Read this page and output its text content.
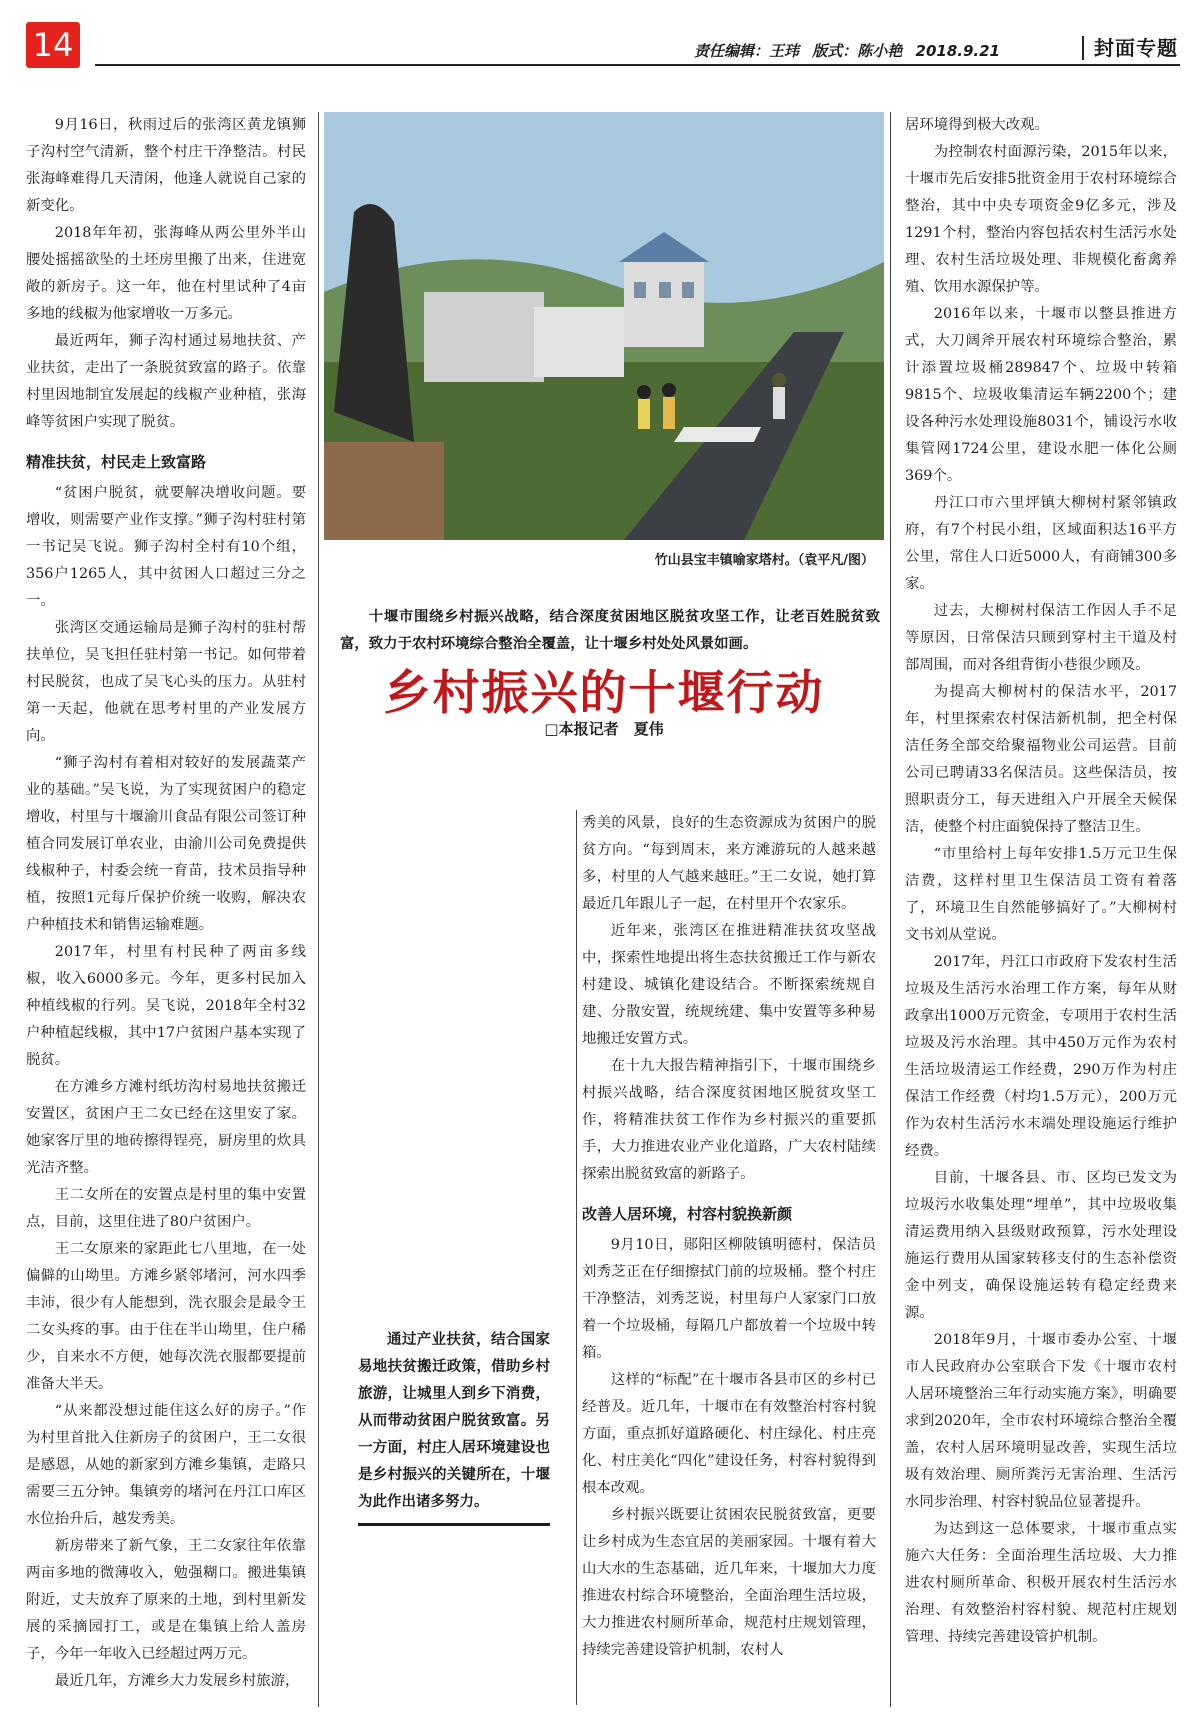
14	责任编辑：王玮 版式：陈小艳 2018.9.21	封面专题

9月16日，秋雨过后的张湾区黄龙镇狮子沟村空气清新，整个村庄干净整洁。村民张海峰难得几天清闲，他逢人就说自己家的新变化。

2018年年初，张海峰从两公里外半山腰处摇摇欲坠的土坯房里搬了出来，住进宽敞的新房子。这一年，他在村里试种了4亩多地的线椒为他家增收一万多元。

最近两年，狮子沟村通过易地扶贫、产业扶贫，走出了一条脱贫致富的路子。依靠村里因地制宜发展起的线椒产业种植，张海峰等贫困户实现了脱贫。

精准扶贫，村民走上致富路

“贫困户脱贫，就要解决增收问题。要增收，则需要产业作支撑。”狮子沟村驻村第一书记吴飞说。狮子沟村全村有10个组，356户1265人，其中贫困人口超过三分之一。

张湾区交通运输局是狮子沟村的驻村帮扶单位，吴飞担任驻村第一书记。如何带着村民脱贫，也成了吴飞心头的压力。从驻村第一天起，他就在思考村里的产业发展方向。

“狮子沟村有着相对较好的发展蔬菜产业的基础。”吴飞说，为了实现贫困户的稳定增收，村里与十堰渝川食品有限公司签订种植合同发展订单农业，由渝川公司免费提供线椒种子，村委会统一育苗，技术员指导种植，按照1元每斤保护价统一收购，解决农户种植技术和销售运输难题。

2017年，村里有村民种了两亩多线椒，收入6000多元。今年，更多村民加入种植线椒的行列。吴飞说，2018年全村32户种植起线椒，其中17户贫困户基本实现了脱贫。

在方滩乡方滩村纸坊沟村易地扶贫搬迁安置区，贫困户王二女已经在这里安了家。她家客厅里的地砖擦得锃亮，厨房里的炊具光洁齐整。

王二女所在的安置点是村里的集中安置点，目前，这里住进了80户贫困户。

王二女原来的家距此七八里地，在一处偏僻的山坳里。方滩乡紧邻堵河，河水四季丰沛，很少有人能想到，洗衣服会是最令王二女头疼的事。由于住在半山坳里，住户稀少，自来水不方便，她每次洗衣服都要提前准备大半天。

“从来都没想过能住这么好的房子。”作为村里首批入住新房子的贫困户，王二女很是感恩，从她的新家到方滩乡集镇，走路只需要三五分钟。集镇旁的堵河在丹江口库区水位抬升后，越发秀美。

新房带来了新气象，王二女家往年依靠两亩多地的微薄收入，勉强糊口。搬进集镇附近，丈夫放弃了原来的土地，到村里新发展的采摘园打工，或是在集镇上给人盖房子，今年一年收入已经超过两万元。

最近几年，方滩乡大力发展乡村旅游，

竹山县宝丰镇喻家塔村。（袁平凡/图）
十堰市围绕乡村振兴战略，结合深度贫困地区脱贫攻坚工作，让老百姓脱贫致富，致力于农村环境综合整治全覆盖，让十堰乡村处处风景如画。
乡村振兴的十堰行动
□本报记者　夏伟
通过产业扶贫，结合国家易地扶贫搬迁政策，借助乡村旅游，让城里人到乡下消费，从而带动贫困户脱贫致富。另一方面，村庄人居环境建设也是乡村振兴的关键所在，十堰为此作出诸多努力。

秀美的风景，良好的生态资源成为贫困户的脱贫方向。“每到周末，来方滩游玩的人越来越多，村里的人气越来越旺。”王二女说，她打算最近几年跟儿子一起，在村里开个农家乐。

近年来，张湾区在推进精准扶贫攻坚战中，探索性地提出将生态扶贫搬迁工作与新农村建设、城镇化建设结合。不断探索统规自建、分散安置，统规统建、集中安置等多种易地搬迁安置方式。

在十九大报告精神指引下，十堰市围绕乡村振兴战略，结合深度贫困地区脱贫攻坚工作，将精准扶贫工作作为乡村振兴的重要抓手，大力推进农业产业化道路，广大农村陆续探索出脱贫致富的新路子。

改善人居环境，村容村貌换新颜

9月10日，郧阳区柳陂镇明德村，保洁员刘秀芝正在仔细擦拭门前的垃圾桶。整个村庄干净整洁，刘秀芝说，村里每户人家家门口放着一个垃圾桶，每隔几户都放着一个垃圾中转箱。

这样的“标配”在十堰市各县市区的乡村已经普及。近几年，十堰市在有效整治村容村貌方面，重点抓好道路硬化、村庄绿化、村庄亮化、村庄美化“四化”建设任务，村容村貌得到根本改观。

乡村振兴既要让贫困农民脱贫致富，更要让乡村成为生态宜居的美丽家园。十堰有着大山大水的生态基础，近几年来，十堰加大力度推进农村综合环境整治，全面治理生活垃圾，大力推进农村厕所革命，规范村庄规划管理，持续完善建设管护机制，农村人

居环境得到极大改观。

为控制农村面源污染，2015年以来，十堰市先后安排5批资金用于农村环境综合整治，其中中央专项资金9亿多元，涉及1291个村，整治内容包括农村生活污水处理、农村生活垃圾处理、非规模化畜禽养殖、饮用水源保护等。

2016年以来，十堰市以整县推进方式，大刀阔斧开展农村环境综合整治，累计添置垃圾桶289847个、垃圾中转箱9815个、垃圾收集清运车辆2200个；建设各种污水处理设施8031个，铺设污水收集管网1724公里，建设水肥一体化公厕369个。

丹江口市六里坪镇大柳树村紧邻镇政府，有7个村民小组，区域面积达16平方公里，常住人口近5000人，有商铺300多家。

过去，大柳树村保洁工作因人手不足等原因，日常保洁只顾到穿村主干道及村部周围，而对各组背街小巷很少顾及。

为提高大柳树村的保洁水平，2017年，村里探索农村保洁新机制，把全村保洁任务全部交给聚福物业公司运营。目前公司已聘请33名保洁员。这些保洁员，按照职责分工，每天进组入户开展全天候保洁，使整个村庄面貌保持了整洁卫生。

“市里给村上每年安排1.5万元卫生保洁费，这样村里卫生保洁员工资有着落了，环境卫生自然能够搞好了。”大柳树村文书刘从堂说。

2017年，丹江口市政府下发农村生活垃圾及生活污水治理工作方案，每年从财政拿出1000万元资金，专项用于农村生活垃圾及污水治理。其中450万元作为农村生活垃圾清运工作经费，290万作为村庄保洁工作经费（村均1.5万元），200万元作为农村生活污水末端处理设施运行维护经费。

目前，十堰各县、市、区均已发文为垃圾污水收集处理“埋单”，其中垃圾收集清运费用纳入县级财政预算，污水处理设施运行费用从国家转移支付的生态补偿资金中列支，确保设施运转有稳定经费来源。

2018年9月，十堰市委办公室、十堰市人民政府办公室联合下发《十堰市农村人居环境整治三年行动实施方案》，明确要求到2020年，全市农村环境综合整治全覆盖，农村人居环境明显改善，实现生活垃圾有效治理、厕所粪污无害治理、生活污水同步治理、村容村貌品位显著提升。

为达到这一总体要求，十堰市重点实施六大任务：全面治理生活垃圾、大力推进农村厕所革命、积极开展农村生活污水治理、有效整治村容村貌、规范村庄规划管理、持续完善建设管护机制。
